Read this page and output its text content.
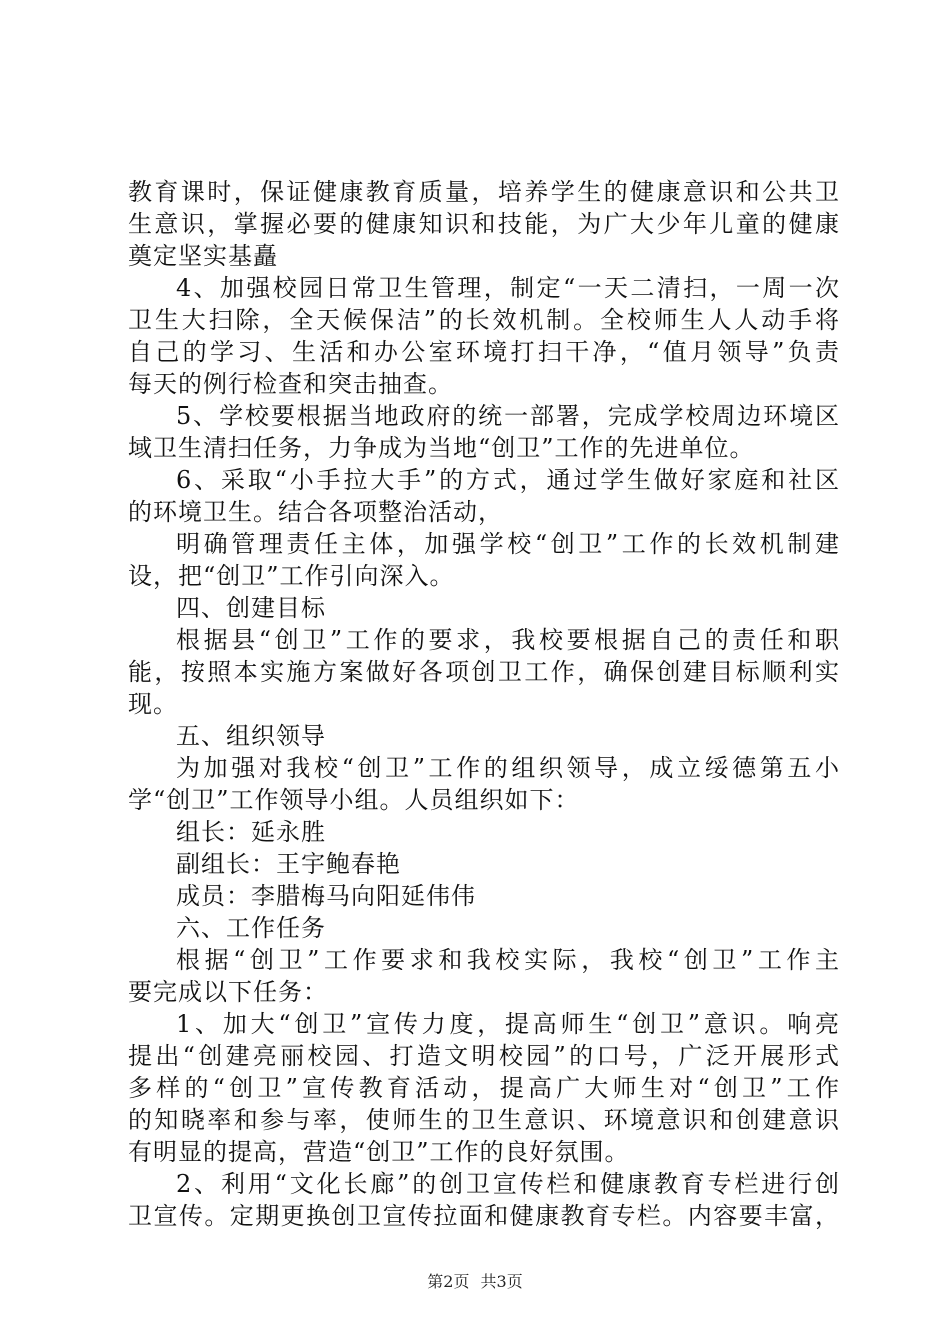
教育课时，保证健康教育质量，培养学生的健康意识和公共卫
生意识，掌握必要的健康知识和技能，为广大少年儿童的健康
奠定坚实基矗
4、加强校园日常卫生管理，制定“一天二清扫，一周一次
卫生大扫除，全天候保洁”的长效机制。全校师生人人动手将
自己的学习、生活和办公室环境打扫干净，“值月领导”负责
每天的例行检查和突击抽查。
5、学校要根据当地政府的统一部署，完成学校周边环境区
域卫生清扫任务，力争成为当地“创卫”工作的先进单位。
6、采取“小手拉大手”的方式，通过学生做好家庭和社区
的环境卫生。结合各项整治活动，
明确管理责任主体，加强学校“创卫”工作的长效机制建
设，把“创卫”工作引向深入。
四、创建目标
根据县“创卫”工作的要求，我校要根据自己的责任和职
能，按照本实施方案做好各项创卫工作，确保创建目标顺利实
现。
五、组织领导
为加强对我校“创卫”工作的组织领导，成立绥德第五小
学“创卫”工作领导小组。人员组织如下：
组长：延永胜
副组长：王宇鲍春艳
成员：李腊梅马向阳延伟伟
六、工作任务
根据“创卫”工作要求和我校实际，我校“创卫”工作主
要完成以下任务：
1、加大“创卫”宣传力度，提高师生“创卫”意识。响亮
提出“创建亮丽校园、打造文明校园”的口号，广泛开展形式
多样的“创卫”宣传教育活动，提高广大师生对“创卫”工作
的知晓率和参与率，使师生的卫生意识、环境意识和创建意识
有明显的提高，营造“创卫”工作的良好氛围。
2、利用“文化长廊”的创卫宣传栏和健康教育专栏进行创
卫宣传。定期更换创卫宣传拉面和健康教育专栏。内容要丰富，
第2页 共3页
